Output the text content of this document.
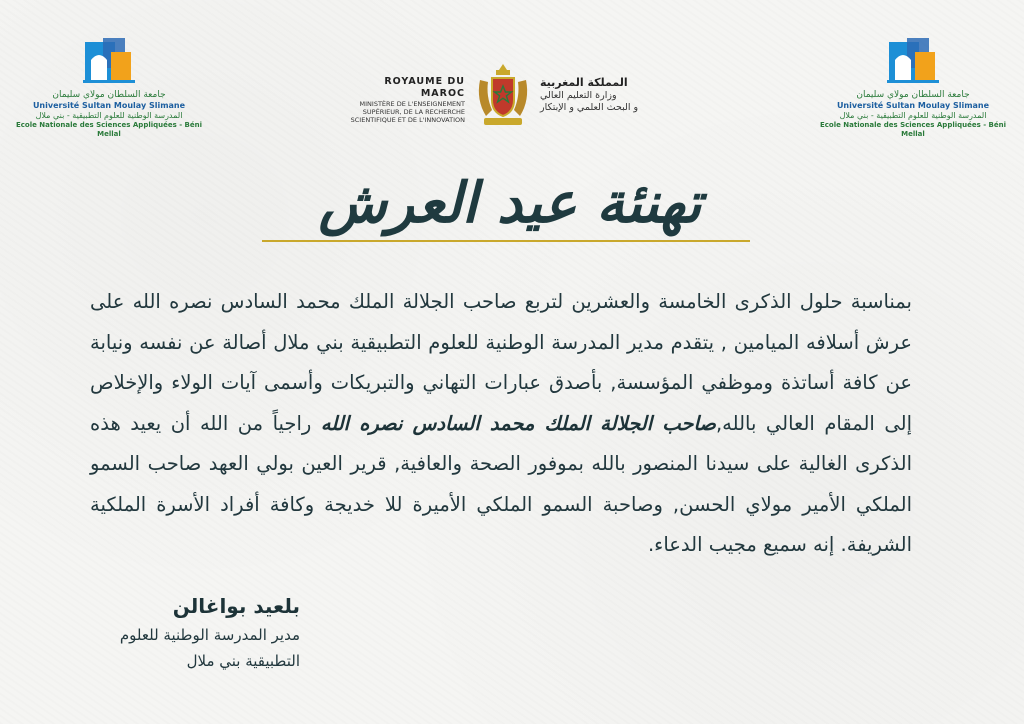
جامعة السلطان مولاي سليمان
Université Sultan Moulay Slimane
المدرسة الوطنية للعلوم التطبيقية - بني ملال
Ecole Nationale des Sciences Appliquées - Béni Mellal
جامعة السلطان مولاي سليمان
Université Sultan Moulay Slimane
المدرسة الوطنية للعلوم التطبيقية - بني ملال
Ecole Nationale des Sciences Appliquées - Béni Mellal
ROYAUME DU MAROC
MINISTÈRE DE L'ENSEIGNEMENT
SUPÉRIEUR, DE LA RECHERCHE
SCIENTIFIQUE ET DE L'INNOVATION
المملكة المغربية
وزارة التعليم العالي
و البحث العلمي و الإبتكار
تهنئة عيد العرش
بمناسبة حلول الذكرى الخامسة والعشرين لتربع صاحب الجلالة الملك محمد السادس نصره الله على عرش أسلافه الميامين , يتقدم مدير المدرسة الوطنية للعلوم التطبيقية بني ملال أصالة عن نفسه ونيابة عن كافة أساتذة وموظفي المؤسسة, بأصدق عبارات التهاني والتبريكات وأسمى آيات الولاء والإخلاص إلى المقام العالي بالله,صاحب الجلالة الملك محمد السادس نصره الله راجياً من الله أن يعيد هذه الذكرى الغالية على سيدنا المنصور بالله بموفور الصحة والعافية, قرير العين بولي العهد صاحب السمو الملكي الأمير مولاي الحسن, وصاحبة السمو الملكي الأميرة للا خديجة وكافة أفراد الأسرة الملكية الشريفة. إنه سميع مجيب الدعاء.
بلعيد بواغالن
مدير المدرسة الوطنية للعلوم
التطبيقية بني ملال
